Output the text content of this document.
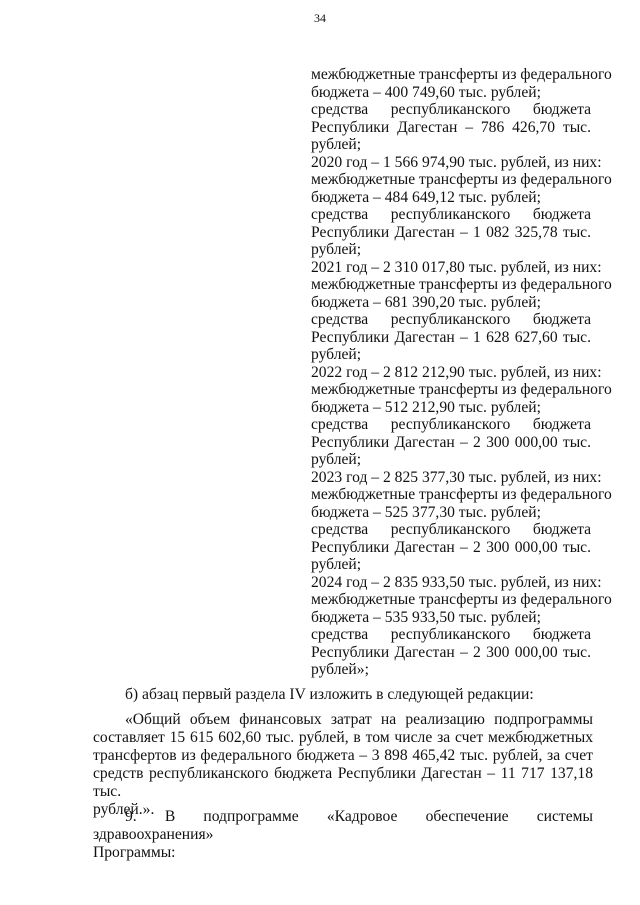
34
межбюджетные трансферты из федерального
бюджета – 400 749,60 тыс. рублей;
средства республиканского бюджета
Республики Дагестан – 786 426,70 тыс.
рублей;
2020 год – 1 566 974,90 тыс. рублей, из них:
межбюджетные трансферты из федерального
бюджета – 484 649,12 тыс. рублей;
средства республиканского бюджета
Республики Дагестан – 1 082 325,78 тыс.
рублей;
2021 год – 2 310 017,80 тыс. рублей, из них:
межбюджетные трансферты из федерального
бюджета – 681 390,20 тыс. рублей;
средства республиканского бюджета
Республики Дагестан – 1 628 627,60 тыс.
рублей;
2022 год – 2 812 212,90 тыс. рублей, из них:
межбюджетные трансферты из федерального
бюджета – 512 212,90 тыс. рублей;
средства республиканского бюджета
Республики Дагестан – 2 300 000,00 тыс.
рублей;
2023 год – 2 825 377,30 тыс. рублей, из них:
межбюджетные трансферты из федерального
бюджета – 525 377,30 тыс. рублей;
средства республиканского бюджета
Республики Дагестан – 2 300 000,00 тыс.
рублей;
2024 год – 2 835 933,50 тыс. рублей, из них:
межбюджетные трансферты из федерального
бюджета – 535 933,50 тыс. рублей;
средства республиканского бюджета
Республики Дагестан – 2 300 000,00 тыс.
рублей»;
б) абзац первый раздела IV изложить в следующей редакции:
«Общий объем финансовых затрат на реализацию подпрограммы
составляет 15 615 602,60 тыс. рублей, в том числе за счет межбюджетных
трансфертов из федерального бюджета – 3 898 465,42 тыс. рублей, за счет
средств республиканского бюджета Республики Дагестан – 11 717 137,18 тыс.
рублей.».
9. В подпрограмме «Кадровое обеспечение системы здравоохранения»
Программы:
